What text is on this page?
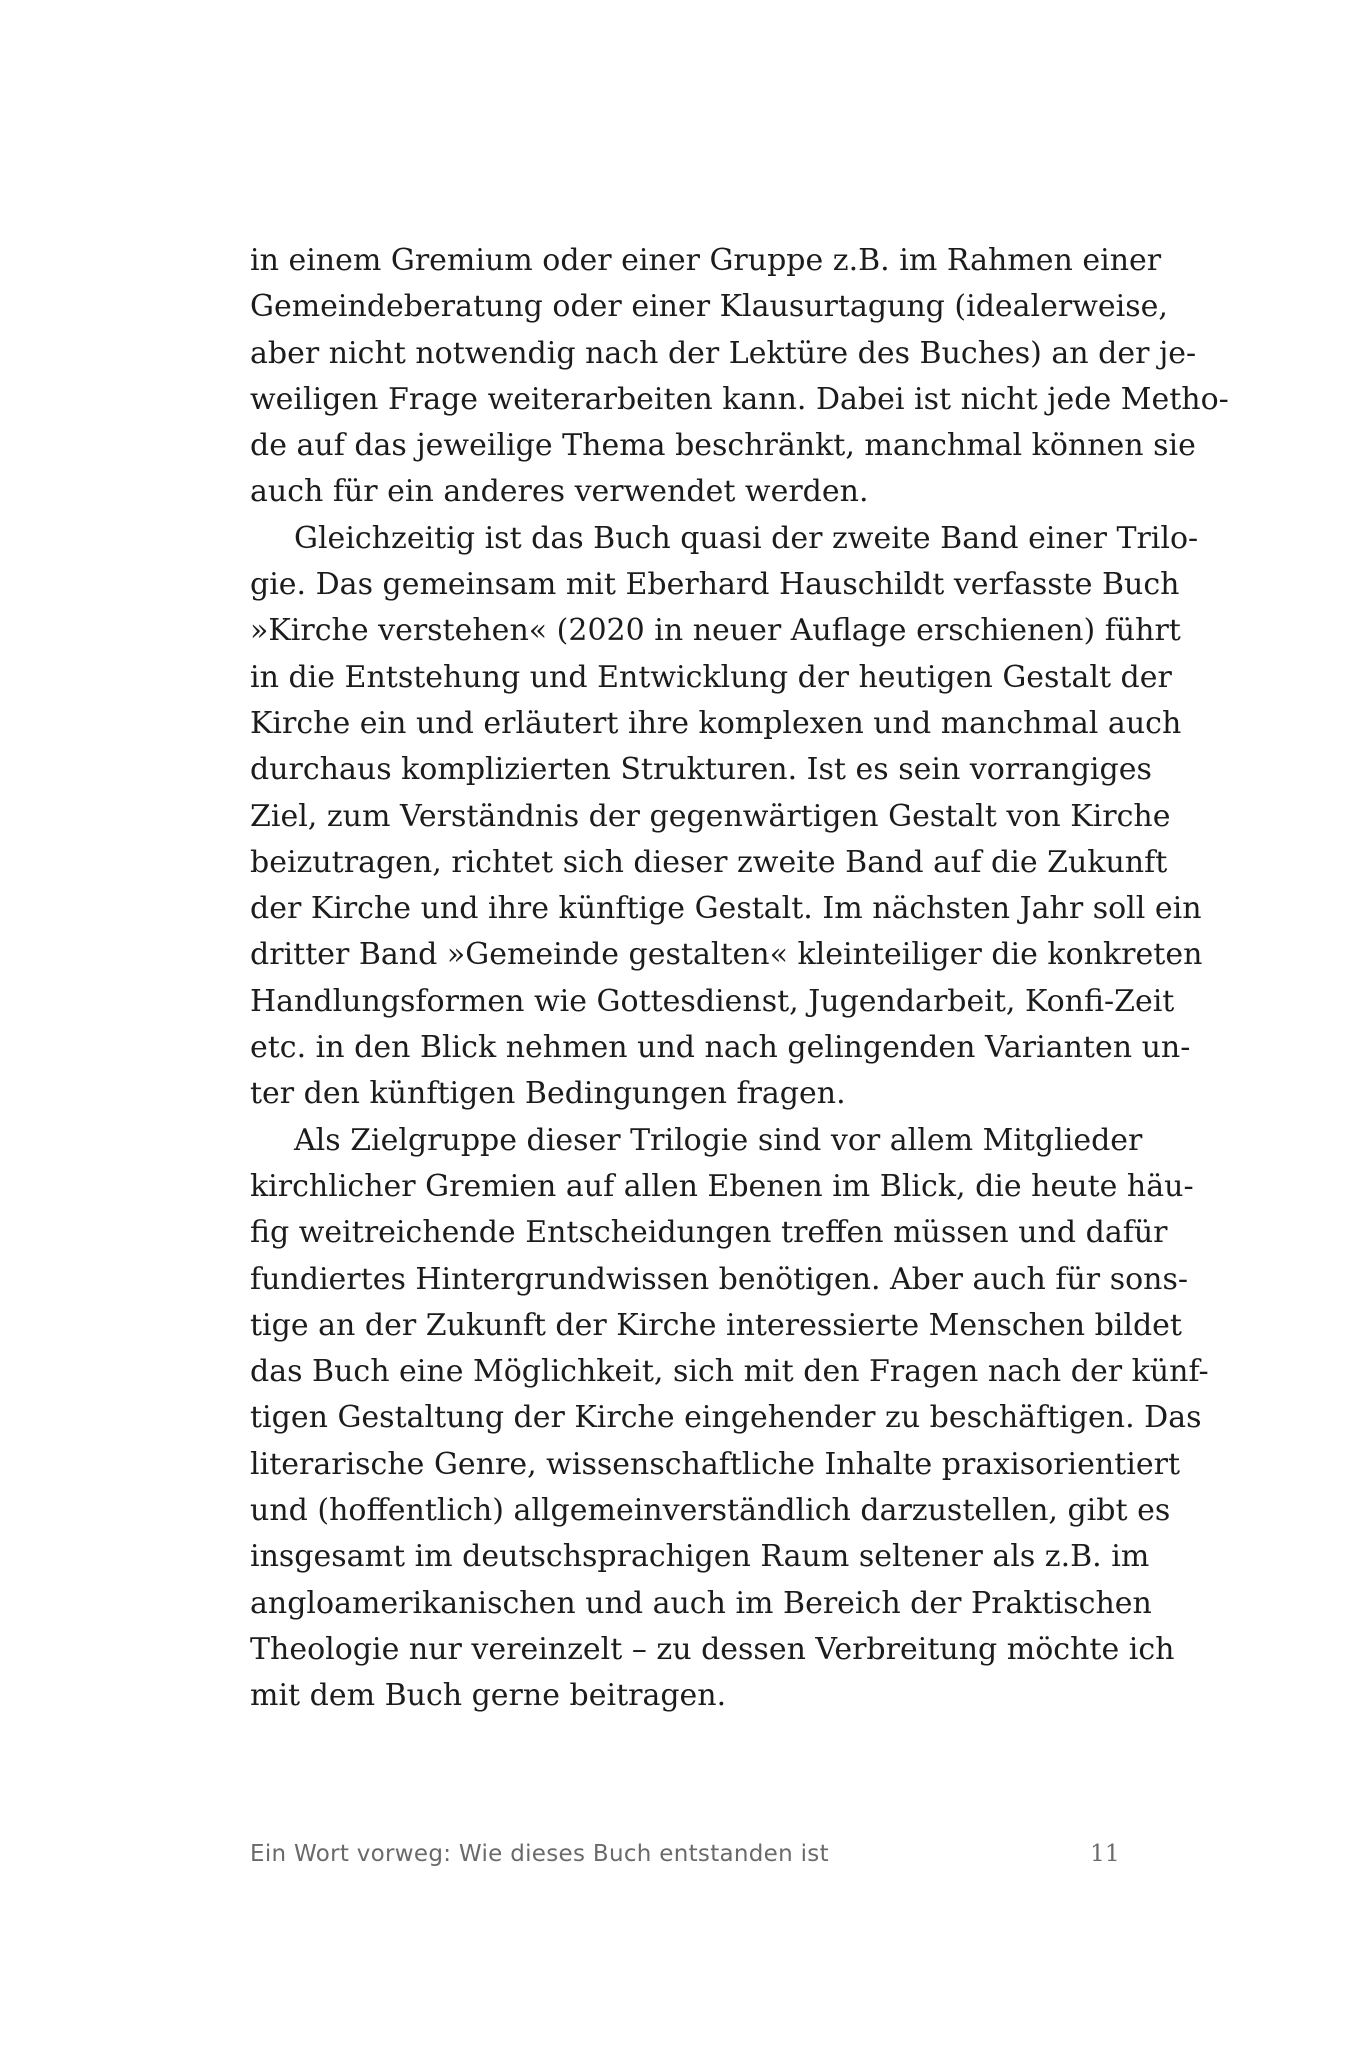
in einem Gremium oder einer Gruppe z.B. im Rahmen einer
Gemeindeberatung oder einer Klausurtagung (idealerweise,
aber nicht notwendig nach der Lektüre des Buches) an der je-
weiligen Frage weiterarbeiten kann. Dabei ist nicht jede Metho-
de auf das jeweilige Thema beschränkt, manchmal können sie
auch für ein anderes verwendet werden.
Gleichzeitig ist das Buch quasi der zweite Band einer Trilo-
gie. Das gemeinsam mit Eberhard Hauschildt verfasste Buch
»Kirche verstehen« (2020 in neuer Auflage erschienen) führt
in die Entstehung und Entwicklung der heutigen Gestalt der
Kirche ein und erläutert ihre komplexen und manchmal auch
durchaus komplizierten Strukturen. Ist es sein vorrangiges
Ziel, zum Verständnis der gegenwärtigen Gestalt von Kirche
beizutragen, richtet sich dieser zweite Band auf die Zukunft
der Kirche und ihre künftige Gestalt. Im nächsten Jahr soll ein
dritter Band »Gemeinde gestalten« kleinteiliger die konkreten
Handlungsformen wie Gottesdienst, Jugendarbeit, Konfi-Zeit
etc. in den Blick nehmen und nach gelingenden Varianten un-
ter den künftigen Bedingungen fragen.
Als Zielgruppe dieser Trilogie sind vor allem Mitglieder
kirchlicher Gremien auf allen Ebenen im Blick, die heute häu-
fig weitreichende Entscheidungen treffen müssen und dafür
fundiertes Hintergrundwissen benötigen. Aber auch für sons-
tige an der Zukunft der Kirche interessierte Menschen bildet
das Buch eine Möglichkeit, sich mit den Fragen nach der künf-
tigen Gestaltung der Kirche eingehender zu beschäftigen. Das
literarische Genre, wissenschaftliche Inhalte praxisorientiert
und (hoffentlich) allgemeinverständlich darzustellen, gibt es
insgesamt im deutschsprachigen Raum seltener als z.B. im
angloamerikanischen und auch im Bereich der Praktischen
Theologie nur vereinzelt – zu dessen Verbreitung möchte ich
mit dem Buch gerne beitragen.
Ein Wort vorweg: Wie dieses Buch entstanden ist	11
